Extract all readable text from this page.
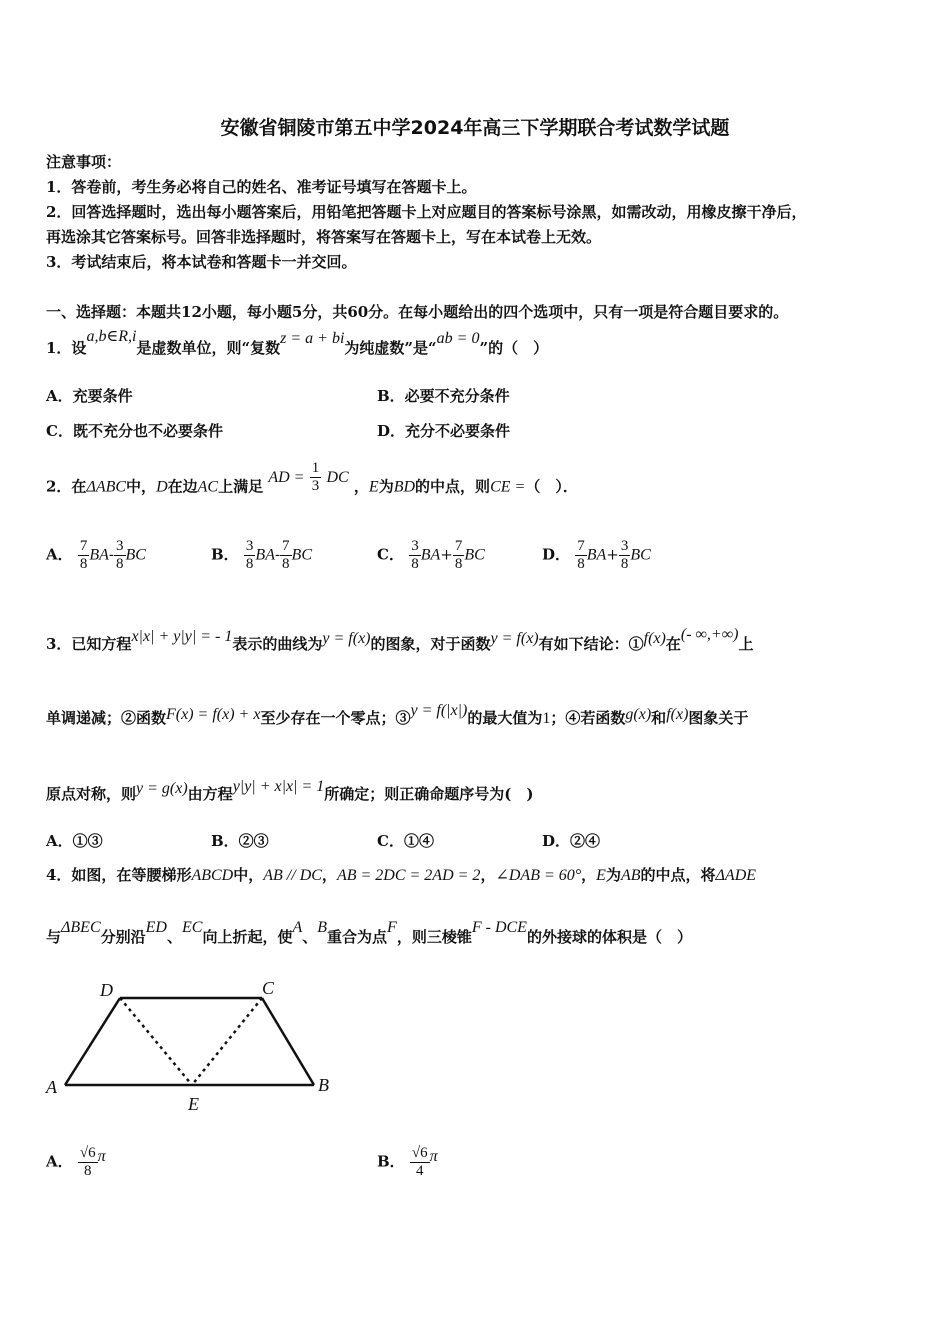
安徽省铜陵市第五中学2024年高三下学期联合考试数学试题
注意事项：
1．答卷前，考生务必将自己的姓名、准考证号填写在答题卡上。
2．回答选择题时，选出每小题答案后，用铅笔把答题卡上对应题目的答案标号涂黑，如需改动，用橡皮擦干净后，
再选涂其它答案标号。回答非选择题时，将答案写在答题卡上，写在本试卷上无效。
3．考试结束后，将本试卷和答题卡一并交回。
一、选择题：本题共12小题，每小题5分，共60分。在每小题给出的四个选项中，只有一项是符合题目要求的。
1．设a,b∈R,i是虚数单位，则“复数z = a + bi为纯虚数”是“ab = 0”的（　）
A．充要条件	B．必要不充分条件
C．既不充分也不必要条件	D．充分不必要条件
2．在ΔABC中，D在边AC上满足 AD = $\frac{1}{3}$ DC ，E为BD的中点，则CE =（　）．
A． $\frac{7}{8} BA- \frac{3}{8}$ BC	B． $\frac{3}{8} BA- \frac{7}{8}$ BC	C． $\frac{3}{8} BA+ \frac{7}{8}$ BC	D． $\frac{7}{8} BA+ \frac{3}{8}$ BC
3．已知方程x|x| + y|y| = - 1表示的曲线为y = f(x)的图象，对于函数y = f(x)有如下结论：①f(x)在(- ∞,+∞)上
单调递减；②函数F(x) = f(x) + x至少存在一个零点；③y = f(|x|)的最大值为1；④若函数g(x)和f(x)图象关于
原点对称，则y = g(x)由方程y|y| + x|x| = 1所确定；则正确命题序号为(　)
A．①③	B．②③	C．①④	D．②④
4．如图，在等腰梯形ABCD中，AB // DC，AB = 2DC = 2AD = 2，∠DAB = 60°，E为AB的中点，将ΔADE
与ΔBEC分别沿ED、EC向上折起，使A、B重合为点F，则三棱锥F - DCE的外接球的体积是（　）
D	C
A	B
E
A． $\frac{√6}{8}$ π	B． $\frac{√6}{4}$ π
